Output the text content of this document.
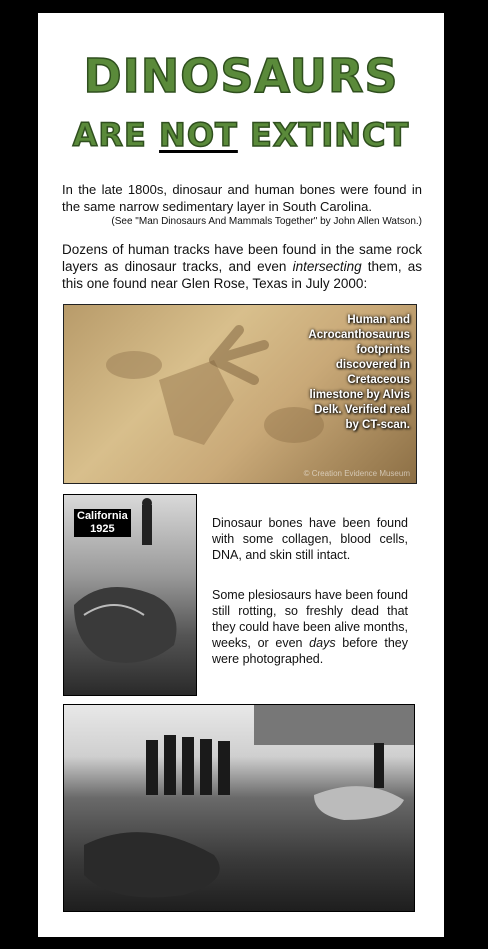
DINOSAURS
ARE NOT EXTINCT
In the late 1800s, dinosaur and human bones were found in the same narrow sedimentary layer in South Carolina.
(See "Man Dinosaurs And Mammals Together" by John Allen Watson.)
Dozens of human tracks have been found in the same rock layers as dinosaur tracks, and even intersecting them, as this one found near Glen Rose, Texas in July 2000:
Human and Acrocanthosaurus footprints discovered in Cretaceous limestone by Alvis Delk. Verified real by CT-scan.
© Creation Evidence Museum
California
1925	Dinosaur bones have been found with some collagen, blood cells, DNA, and skin still intact.
Some plesiosaurs have been found still rotting, so freshly dead that they could have been alive months, weeks, or even days before they were photographed.
